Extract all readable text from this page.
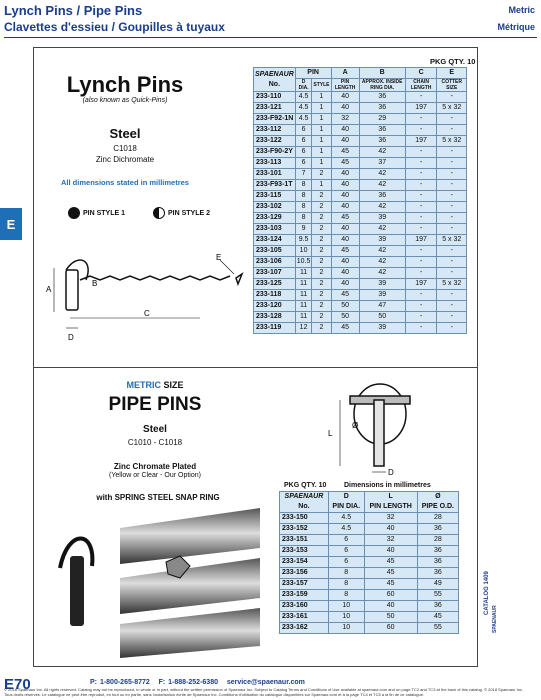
Lynch Pins / Pipe Pins
Clavettes d'essieu / Goupilles à tuyaux
Metric
Métrique
E
Lynch Pins
(also known as Quick-Pins)
Steel
C1018
Zinc Dichromate
All dimensions stated in millimetres
PIN STYLE 1	PIN STYLE 2
A
B
C
D
E
PKG QTY. 10
SPAENAUR
No.	PIN		A	B	C	E
	D
DIA.	STYLE	PIN LENGTH	APPROX. INSIDE RING DIA.	CHAIN LENGTH	COTTER SIZE
233-110	4.5	1	40	36	-	-
233-121	4.5	1	40	36	197	5 x 32
233-F92-1N	4.5	1	32	29	-	-
233-112	6	1	40	36	-	-
233-122	6	1	40	36	197	5 x 32
233-F90-2Y	6	1	45	42	-	-
233-113	6	1	45	37	-	-
233-101	7	2	40	42	-	-
233-F93-1T	8	1	40	42	-	-
233-115	8	2	40	36	-	-
233-102	8	2	40	42	-	-
233-129	8	2	45	39	-	-
233-103	9	2	40	42	-	-
233-124	9.5	2	40	39	197	5 x 32
233-105	10	2	45	42	-	-
233-106	10.5	2	40	42	-	-
233-107	11	2	40	42	-	-
233-125	11	2	40	39	197	5 x 32
233-118	11	2	45	39	-	-
233-120	11	2	50	47	-	-
233-128	11	2	50	50	-	-
233-119	12	2	45	39	-	-
METRIC SIZE
PIPE PINS
Steel
C1010 - C1018
Zinc Chromate Plated
(Yellow or Clear - Our Option)
with SPRING STEEL SNAP RING
L
Ø
D
PKG QTY. 10	Dimensions in millimetres
SPAENAUR
No.	D
PIN DIA.	L
PIN LENGTH	Ø
PIPE O.D.
233-150	4.5	32	28
233-152	4.5	40	36
233-151	6	32	28
233-153	6	40	36
233-154	6	45	36
233-156	8	45	36
233-157	8	45	49
233-159	8	60	55
233-160	10	40	36
233-161	10	50	45
233-162	10	60	55
CATALOG 1409
SPAENAUR
E70	P: 1-800-265-8772 F: 1-888-252-6380 service@spaenaur.com
© 2018 Spaenaur Inc. All rights reserved. Catalog may not be reproduced, in whole or in part, without the written permission of Spaenaur Inc. Subject to Catalog Terms and Conditions of Use available at spaenaur.com and on page TC2 and TC3 at the back of this catalog. © 2018 Spaenaur Inc. Tous droits réservés. Le catalogue ne peut être reproduit, en tout ou en partie, sans l'autorisation écrite de Spaenaur Inc. Conditions d'utilisation du catalogue disponibles sur Spaenaur.com et à la page TC4 et TC5 à la fin de ce catalogue.
